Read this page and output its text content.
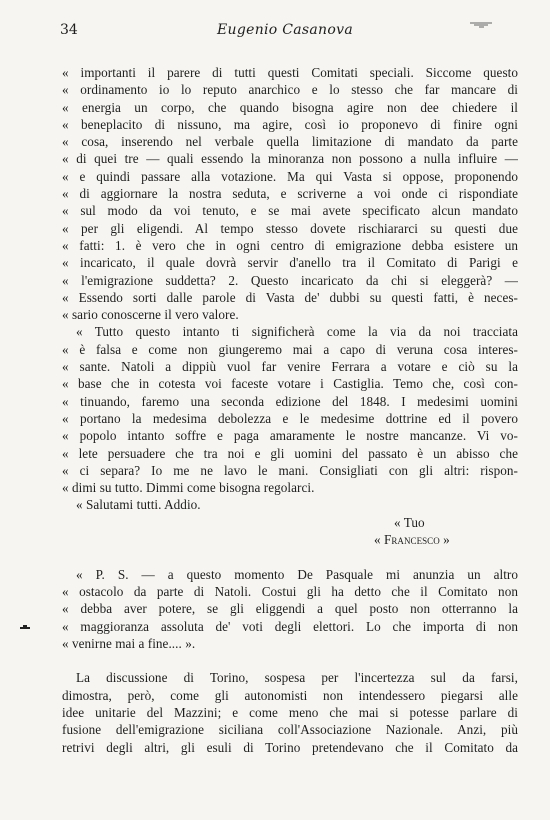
34	Eugenio Casanova
« importanti il parere di tutti questi Comitati speciali. Siccome questo
« ordinamento io lo reputo anarchico e lo stesso che far mancare di
« energia un corpo, che quando bisogna agire non dee chiedere il
« beneplacito di nissuno, ma agire, così io proponevo di finire ogni
« cosa, inserendo nel verbale quella limitazione di mandato da parte
« di quei tre — quali essendo la minoranza non possono a nulla influire —
« e quindi passare alla votazione. Ma qui Vasta si oppose, proponendo
« di aggiornare la nostra seduta, e scriverne a voi onde ci rispondiate
« sul modo da voi tenuto, e se mai avete specificato alcun mandato
« per gli eligendi. Al tempo stesso dovete rischiararci su questi due
« fatti: 1. è vero che in ogni centro di emigrazione debba esistere un
« incaricato, il quale dovrà servir d'anello tra il Comitato di Parigi e
« l'emigrazione suddetta? 2. Questo incaricato da chi si eleggerà? —
« Essendo sorti dalle parole di Vasta de' dubbi su questi fatti, è neces-
« sario conoscerne il vero valore.
« Tutto questo intanto ti significherà come la via da noi tracciata
« è falsa e come non giungeremo mai a capo di veruna cosa interes-
« sante. Natoli a dippiù vuol far venire Ferrara a votare e ciò su la
« base che in cotesta voi faceste votare i Castiglia. Temo che, così con-
« tinuando, faremo una seconda edizione del 1848. I medesimi uomini
« portano la medesima debolezza e le medesime dottrine ed il povero
« popolo intanto soffre e paga amaramente le nostre mancanze. Vi vo-
« lete persuadere che tra noi e gli uomini del passato è un abisso che
« ci separa? Io me ne lavo le mani. Consigliati con gli altri: rispon-
« dimi su tutto. Dimmi come bisogna regolarci.
« Salutami tutti. Addio.
« Tuo
« Francesco »
« P. S. — a questo momento De Pasquale mi anunzia un altro
« ostacolo da parte di Natoli. Costui gli ha detto che il Comitato non
« debba aver potere, se gli eliggendi a quel posto non otterranno la
« maggioranza assoluta de' voti degli elettori. Lo che importa di non
« venirne mai a fine.... ».
La discussione di Torino, sospesa per l'incertezza sul da farsi,
dimostra, però, come gli autonomisti non intendessero piegarsi alle
idee unitarie del Mazzini; e come meno che mai si potesse parlare di
fusione dell'emigrazione siciliana coll'Associazione Nazionale. Anzi, più
retrivi degli altri, gli esuli di Torino pretendevano che il Comitato da
